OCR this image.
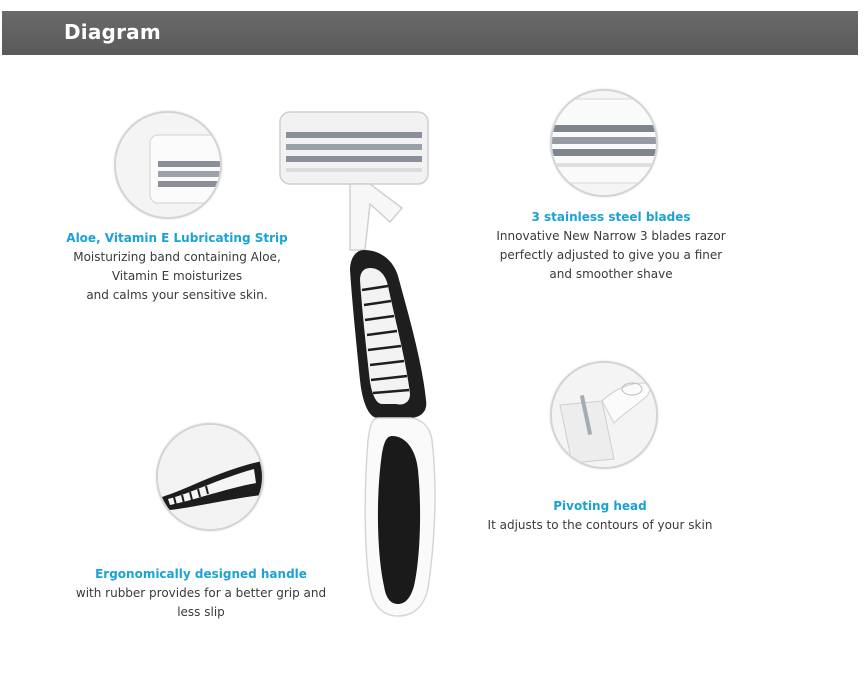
Diagram
Aloe, Vitamin E Lubricating Strip
Moisturizing band containing Aloe,
Vitamin E moisturizes
and calms your sensitive skin.
3 stainless steel blades
Innovative New Narrow 3 blades razor
perfectly adjusted to give you a finer
and smoother shave
Ergonomically designed handle
with rubber provides for a better grip and
less slip
Pivoting head
It adjusts to the contours of your skin
